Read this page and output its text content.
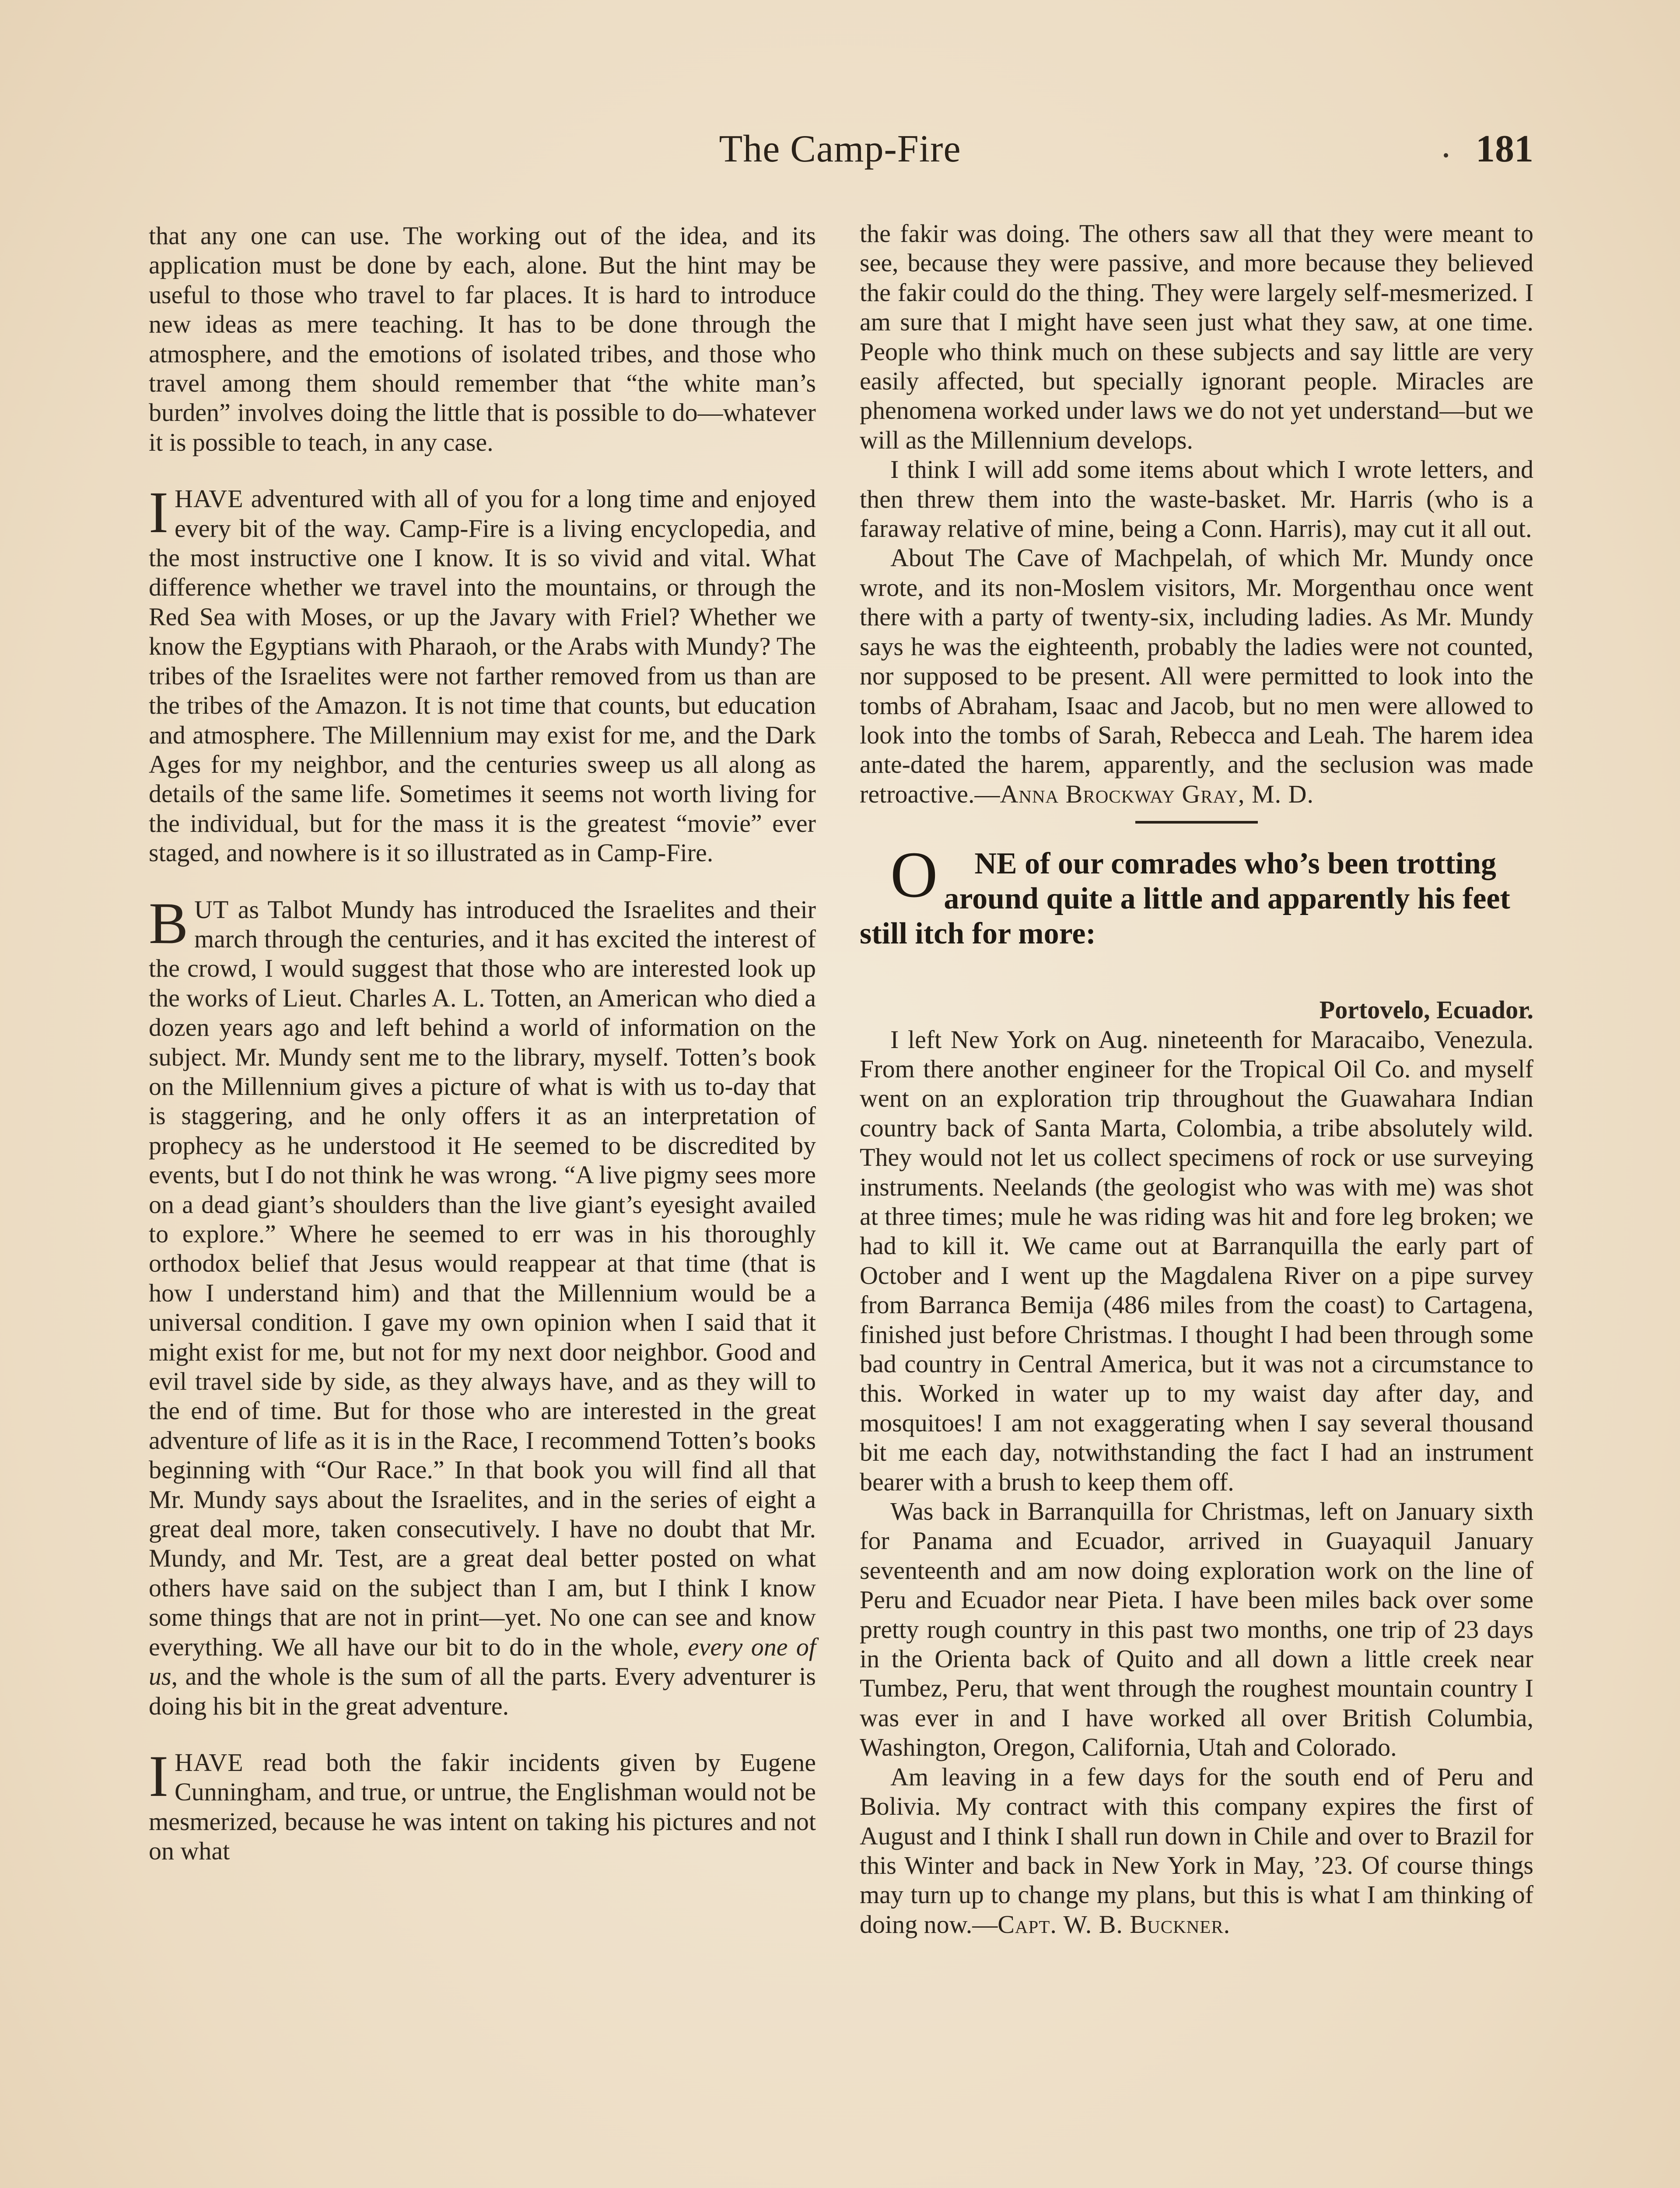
The Camp-Fire	181

that any one can use. The working out of the idea, and its application must be done by each, alone. But the hint may be useful to those who travel to far places. It is hard to introduce new ideas as mere teaching. It has to be done through the atmosphere, and the emotions of isolated tribes, and those who travel among them should remember that “the white man’s burden” involves doing the little that is possible to do—whatever it is possible to teach, in any case.

IHAVE adventured with all of you for a long time and enjoyed every bit of the way. Camp-Fire is a living encyclopedia, and the most instructive one I know. It is so vivid and vital. What difference whether we travel into the mountains, or through the Red Sea with Moses, or up the Javary with Friel? Whether we know the Egyptians with Pharaoh, or the Arabs with Mundy? The tribes of the Israelites were not farther removed from us than are the tribes of the Amazon. It is not time that counts, but education and atmosphere. The Millennium may exist for me, and the Dark Ages for my neighbor, and the centuries sweep us all along as details of the same life. Sometimes it seems not worth living for the individual, but for the mass it is the greatest “movie” ever staged, and nowhere is it so illustrated as in Camp-Fire.

BUT as Talbot Mundy has introduced the Israelites and their march through the centuries, and it has excited the interest of the crowd, I would suggest that those who are interested look up the works of Lieut. Charles A. L. Totten, an American who died a dozen years ago and left behind a world of information on the subject. Mr. Mundy sent me to the library, myself. Totten’s book on the Millennium gives a picture of what is with us to-day that is staggering, and he only offers it as an interpretation of prophecy as he understood it He seemed to be discredited by events, but I do not think he was wrong. “A live pigmy sees more on a dead giant’s shoulders than the live giant’s eyesight availed to explore.” Where he seemed to err was in his thoroughly orthodox belief that Jesus would reappear at that time (that is how I understand him) and that the Millennium would be a universal condition. I gave my own opinion when I said that it might exist for me, but not for my next door neighbor. Good and evil travel side by side, as they always have, and as they will to the end of time. But for those who are interested in the great adventure of life as it is in the Race, I recommend Totten’s books beginning with “Our Race.” In that book you will find all that Mr. Mundy says about the Israelites, and in the series of eight a great deal more, taken consecutively. I have no doubt that Mr. Mundy, and Mr. Test, are a great deal better posted on what others have said on the subject than I am, but I think I know some things that are not in print—yet. No one can see and know everything. We all have our bit to do in the whole, every one of us, and the whole is the sum of all the parts. Every adventurer is doing his bit in the great adventure.

IHAVE read both the fakir incidents given by Eugene Cunningham, and true, or untrue, the Englishman would not be mesmerized, because he was intent on taking his pictures and not on what

the fakir was doing. The others saw all that they were meant to see, because they were passive, and more because they believed the fakir could do the thing. They were largely self-mesmerized. I am sure that I might have seen just what they saw, at one time. People who think much on these subjects and say little are very easily affected, but specially ignorant people. Miracles are phenomena worked under laws we do not yet understand—but we will as the Millennium develops.

I think I will add some items about which I wrote letters, and then threw them into the waste-basket. Mr. Harris (who is a faraway relative of mine, being a Conn. Harris), may cut it all out.

About The Cave of Machpelah, of which Mr. Mundy once wrote, and its non-Moslem visitors, Mr. Morgenthau once went there with a party of twenty-six, including ladies. As Mr. Mundy says he was the eighteenth, probably the ladies were not counted, nor supposed to be present. All were permitted to look into the tombs of Abraham, Isaac and Jacob, but no men were allowed to look into the tombs of Sarah, Rebecca and Leah. The harem idea ante-dated the harem, apparently, and the seclusion was made retroactive.—Anna Brockway Gray, M. D.

O NE of our comrades who’s been trotting around quite a little and apparently his feet still itch for more:

Portovelo, Ecuador.

I left New York on Aug. nineteenth for Maracaibo, Venezula. From there another engineer for the Tropical Oil Co. and myself went on an exploration trip throughout the Guawahara Indian country back of Santa Marta, Colombia, a tribe absolutely wild. They would not let us collect specimens of rock or use surveying instruments. Neelands (the geologist who was with me) was shot at three times; mule he was riding was hit and fore leg broken; we had to kill it. We came out at Barranquilla the early part of October and I went up the Magdalena River on a pipe survey from Barranca Bemija (486 miles from the coast) to Cartagena, finished just before Christmas. I thought I had been through some bad country in Central America, but it was not a circumstance to this. Worked in water up to my waist day after day, and mosquitoes! I am not exaggerating when I say several thousand bit me each day, notwithstanding the fact I had an instrument bearer with a brush to keep them off.

Was back in Barranquilla for Christmas, left on January sixth for Panama and Ecuador, arrived in Guayaquil January seventeenth and am now doing exploration work on the line of Peru and Ecuador near Pieta. I have been miles back over some pretty rough country in this past two months, one trip of 23 days in the Orienta back of Quito and all down a little creek near Tumbez, Peru, that went through the roughest mountain country I was ever in and I have worked all over British Columbia, Washington, Oregon, California, Utah and Colorado.

Am leaving in a few days for the south end of Peru and Bolivia. My contract with this company expires the first of August and I think I shall run down in Chile and over to Brazil for this Winter and back in New York in May, ’23. Of course things may turn up to change my plans, but this is what I am thinking of doing now.—Capt. W. B. Buckner.
